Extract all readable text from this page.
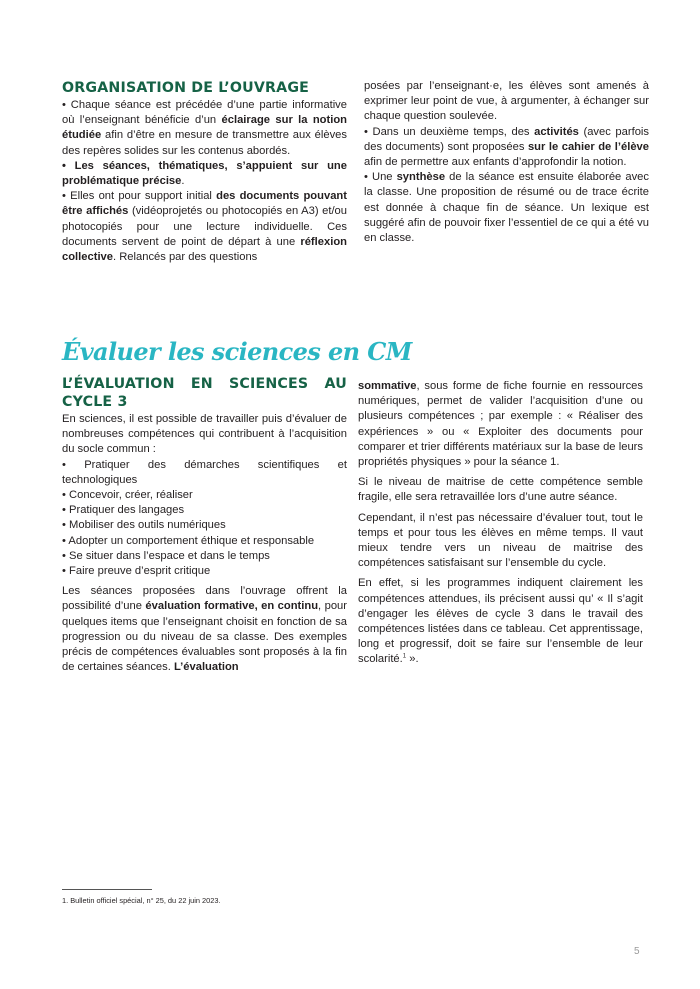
ORGANISATION DE L’OUVRAGE

• Chaque séance est précédée d’une partie informative où l’enseignant bénéficie d’un éclairage sur la notion étudiée afin d’être en mesure de transmettre aux élèves des repères solides sur les contenus abordés.

• Les séances, thématiques, s’appuient sur une problématique précise.

• Elles ont pour support initial des documents pouvant être affichés (vidéoprojetés ou photocopiés en A3) et/ou photocopiés pour une lecture individuelle. Ces documents servent de point de départ à une réflexion collective. Relancés par des questions

posées par l’enseignant·e, les élèves sont amenés à exprimer leur point de vue, à argumenter, à échanger sur chaque question soulevée.

• Dans un deuxième temps, des activités (avec parfois des documents) sont proposées sur le cahier de l’élève afin de permettre aux enfants d’approfondir la notion.

• Une synthèse de la séance est ensuite élaborée avec la classe. Une proposition de résumé ou de trace écrite est donnée à chaque fin de séance. Un lexique est suggéré afin de pouvoir fixer l’essentiel de ce qui a été vu en classe.

Évaluer les sciences en CM
L’ÉVALUATION EN SCIENCES AU CYCLE 3

En sciences, il est possible de travailler puis d’évaluer de nombreuses compétences qui contribuent à l’acquisition du socle commun :

• Pratiquer des démarches scientifiques et technologiques

• Concevoir, créer, réaliser

• Pratiquer des langages

• Mobiliser des outils numériques

• Adopter un comportement éthique et responsable

• Se situer dans l’espace et dans le temps

• Faire preuve d’esprit critique

Les séances proposées dans l’ouvrage offrent la possibilité d’une évaluation formative, en continu, pour quelques items que l’enseignant choisit en fonction de sa progression ou du niveau de sa classe. Des exemples précis de compétences évaluables sont proposés à la fin de certaines séances. L’évaluation

sommative, sous forme de fiche fournie en ressources numériques, permet de valider l’acquisition d’une ou plusieurs compétences ; par exemple : « Réaliser des expériences » ou « Exploiter des documents pour comparer et trier différents matériaux sur la base de leurs propriétés physiques » pour la séance 1.

Si le niveau de maitrise de cette compétence semble fragile, elle sera retravaillée lors d’une autre séance.

Cependant, il n’est pas nécessaire d’évaluer tout, tout le temps et pour tous les élèves en même temps. Il vaut mieux tendre vers un niveau de maitrise des compétences satisfaisant sur l’ensemble du cycle.

En effet, si les programmes indiquent clairement les compétences attendues, ils précisent aussi qu’ « Il s’agit d’engager les élèves de cycle 3 dans le travail des compétences listées dans ce tableau. Cet apprentissage, long et progressif, doit se faire sur l’ensemble de leur scolarité.$^1$ ».

1. Bulletin officiel spécial, n° 25, du 22 juin 2023.
5
